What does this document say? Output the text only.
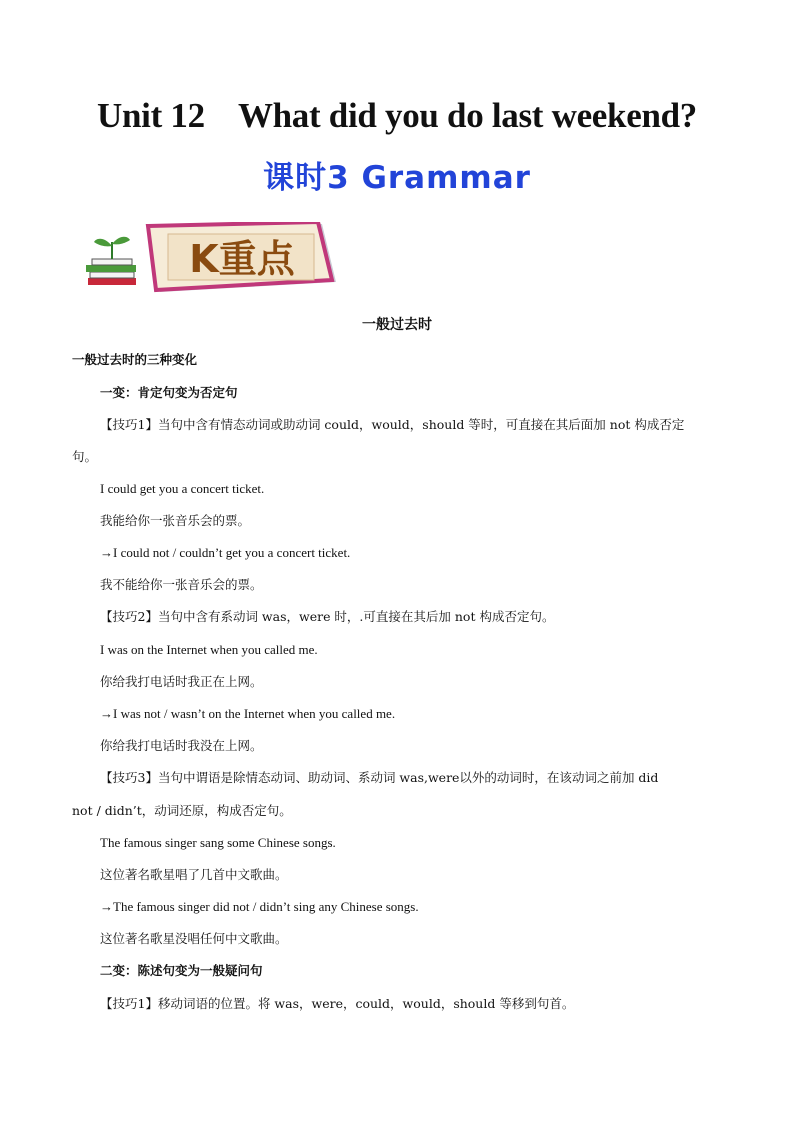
Unit 12    What did you do last weekend?
课时3 Grammar
K重点
一般过去时
一般过去时的三种变化
一变：肯定句变为否定句
【技巧1】当句中含有情态动词或助动词 could，would，should 等时，可直接在其后面加 not 构成否定
句。
I could get you a concert ticket.
我能给你一张音乐会的票。
→I could not / couldn’t get you a concert ticket.
我不能给你一张音乐会的票。
【技巧2】当句中含有系动词 was，were 时，.可直接在其后加 not 构成否定句。
I was on the Internet when you called me.
你给我打电话时我正在上网。
→I was not / wasn’t on the Internet when you called me.
你给我打电话时我没在上网。
【技巧3】当句中谓语是除情态动词、助动词、系动词 was,were以外的动词时，在该动词之前加 did
not / didn’t，动词还原，构成否定句。
The famous singer sang some Chinese songs.
这位著名歌星唱了几首中文歌曲。
→The famous singer did not / didn’t sing any Chinese songs.
这位著名歌星没唱任何中文歌曲。
二变：陈述句变为一般疑问句
【技巧1】移动词语的位置。将 was，were，could，would，should 等移到句首。
